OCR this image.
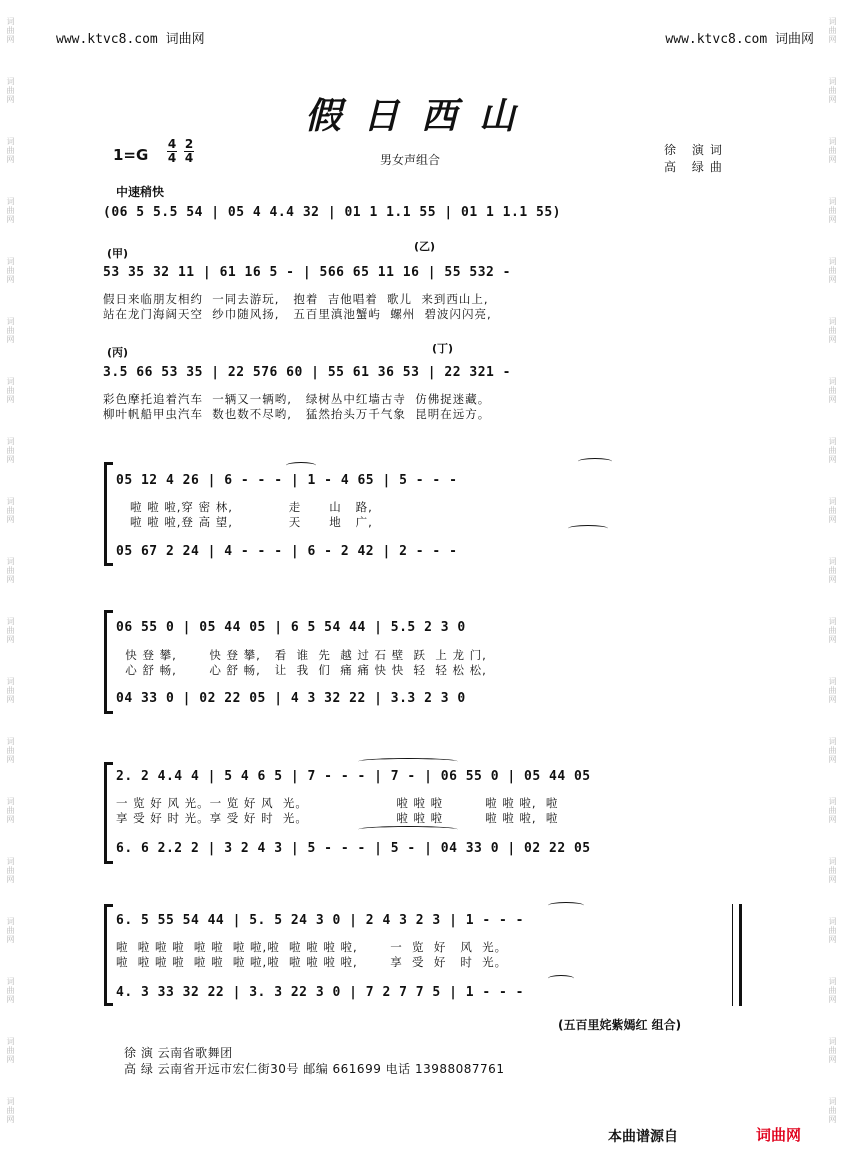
词曲网
词曲网
词曲网
词曲网
词曲网
词曲网
词曲网
词曲网
词曲网
词曲网
词曲网
词曲网
词曲网
词曲网
词曲网
词曲网
词曲网
词曲网
词曲网
词曲网
词曲网
词曲网
词曲网
词曲网
词曲网
词曲网
词曲网
词曲网
词曲网
词曲网
词曲网
词曲网
词曲网
词曲网
词曲网
词曲网
词曲网
词曲网
www.ktvc8.com 词曲网	www.ktvc8.com 词曲网
假日西山
$1=G \frac{4}{4} \frac{2}{4}$	男女声组合
徐 演词
高 绿曲
中速稍快
(06 5 5.5 54 | 05 4 4.4 32 | 01 1 1.1 55 | 01 1 1.1 55)
(甲)
(乙)
53 35 32 11 | 61 16 5 - | 566 65 11 16 | 55 532 -
假日来临朋友相约  一同去游玩,   抱着  吉他唱着  歌儿  来到西山上,
站在龙门海阔天空  纱巾随风扬,   五百里滇池蟹屿  螺州  碧波闪闪亮,
(丙)	(丁)
3.5 66 53 35 | 22 576 60 | 55 61 36 53 | 22 321 -
彩色摩托追着汽车  一辆又一辆哟,   绿树丛中红墙古寺  仿佛捉迷藏。
柳叶帆船甲虫汽车  数也数不尽哟,   猛然抬头万千气象  昆明在远方。
05 12 4 26 | 6 - - - | 1 - 4 65 | 5 - - -
啦 啦 啦,穿 密 林,            走      山   路,
啦 啦 啦,登 高 望,            天      地   广,
05 67 2 24 | 4 - - - | 6 - 2 42 | 2 - - -
06 55 0 | 05 44 05 | 6 5 54 44 | 5.5 2 3 0
快 登 攀,       快 登 攀,   看  谁  先  越 过 石 壁  跃  上 龙 门,
心 舒 畅,       心 舒 畅,   让  我  们  痛 痛 快 快  轻  轻 松 松,
04 33 0 | 02 22 05 | 4 3 32 22 | 3.3 2 3 0
2. 2 4.4 4 | 5 4 6 5 | 7 - - - | 7 - | 06 55 0 | 05 44 05
一 览 好 风 光。一 览 好 风  光。                   啦 啦 啦         啦 啦 啦,  啦
享 受 好 时 光。享 受 好 时  光。                   啦 啦 啦         啦 啦 啦,  啦
6. 6 2.2 2 | 3 2 4 3 | 5 - - - | 5 - | 04 33 0 | 02 22 05
6. 5 55 54 44 | 5. 5 24 3 0 | 2 4 3 2 3 | 1 - - -
啦  啦 啦 啦  啦 啦  啦 啦,啦  啦 啦 啦 啦,       一  览  好   风  光。
啦  啦 啦 啦  啦 啦  啦 啦,啦  啦 啦 啦 啦,       享  受  好   时  光。
4. 3 33 32 22 | 3. 3 22 3 0 | 7 2 7 7 5 | 1 - - -
(五百里姹紫嫣红 组合)
徐 演 云南省歌舞团
高 绿 云南省开远市宏仁街30号 邮编 661699 电话 13988087761
本曲谱源自	词曲网
